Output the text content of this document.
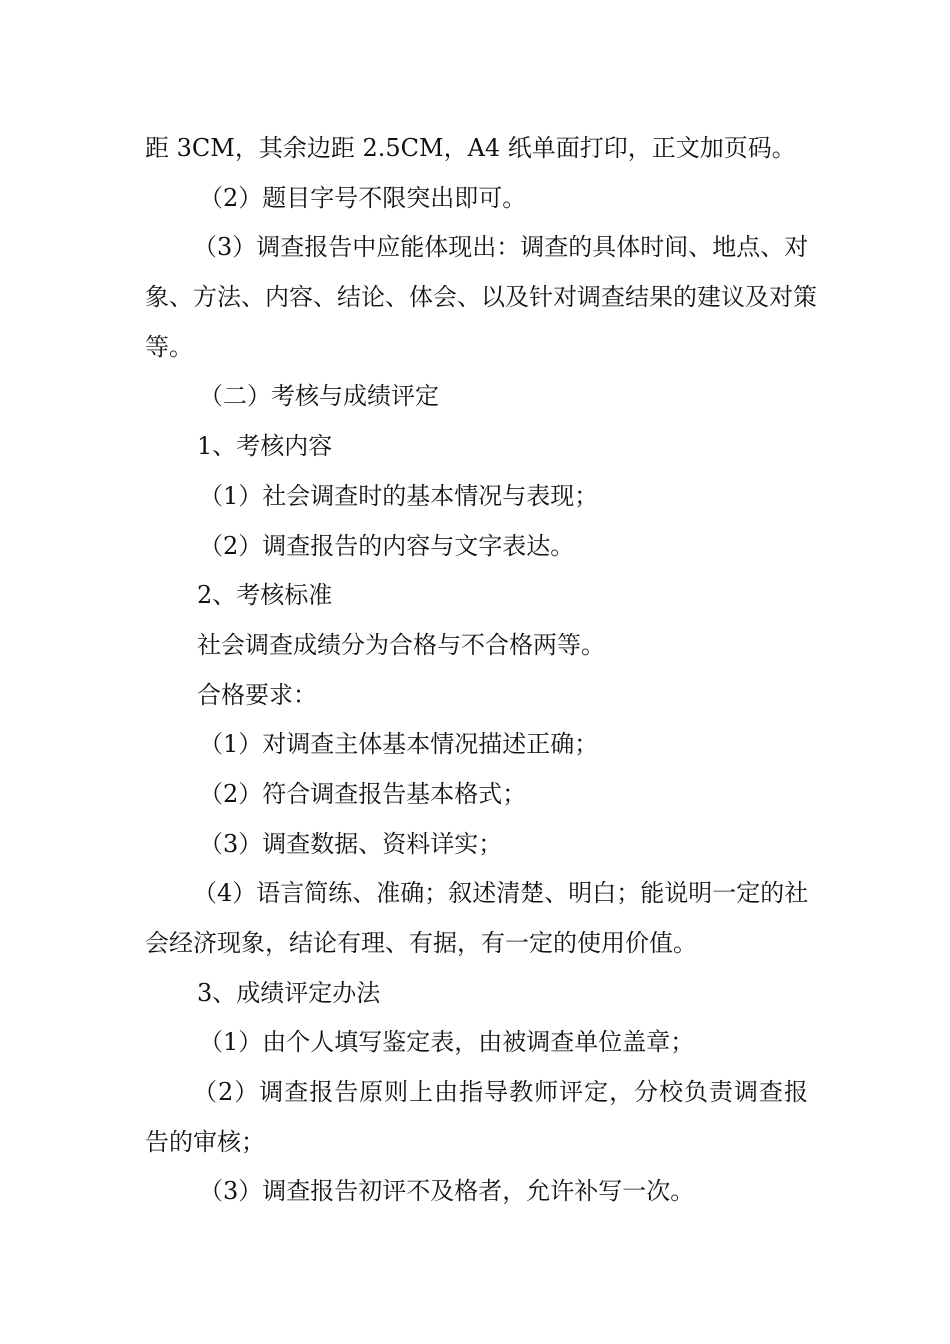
距 3CM，其余边距 2.5CM，A4 纸单面打印，正文加页码。
（2）题目字号不限突出即可。
（3）调查报告中应能体现出：调查的具体时间、地点、对
象、方法、内容、结论、体会、以及针对调查结果的建议及对策
等。
（二）考核与成绩评定
1、考核内容
（1）社会调查时的基本情况与表现；
（2）调查报告的内容与文字表达。
2、考核标准
社会调查成绩分为合格与不合格两等。
合格要求：
（1）对调查主体基本情况描述正确；
（2）符合调查报告基本格式；
（3）调查数据、资料详实；
（4）语言简练、准确；叙述清楚、明白；能说明一定的社
会经济现象，结论有理、有据，有一定的使用价值。
3、成绩评定办法
（1）由个人填写鉴定表，由被调查单位盖章；
（2）调查报告原则上由指导教师评定，分校负责调查报
告的审核；
（3）调查报告初评不及格者，允许补写一次。
